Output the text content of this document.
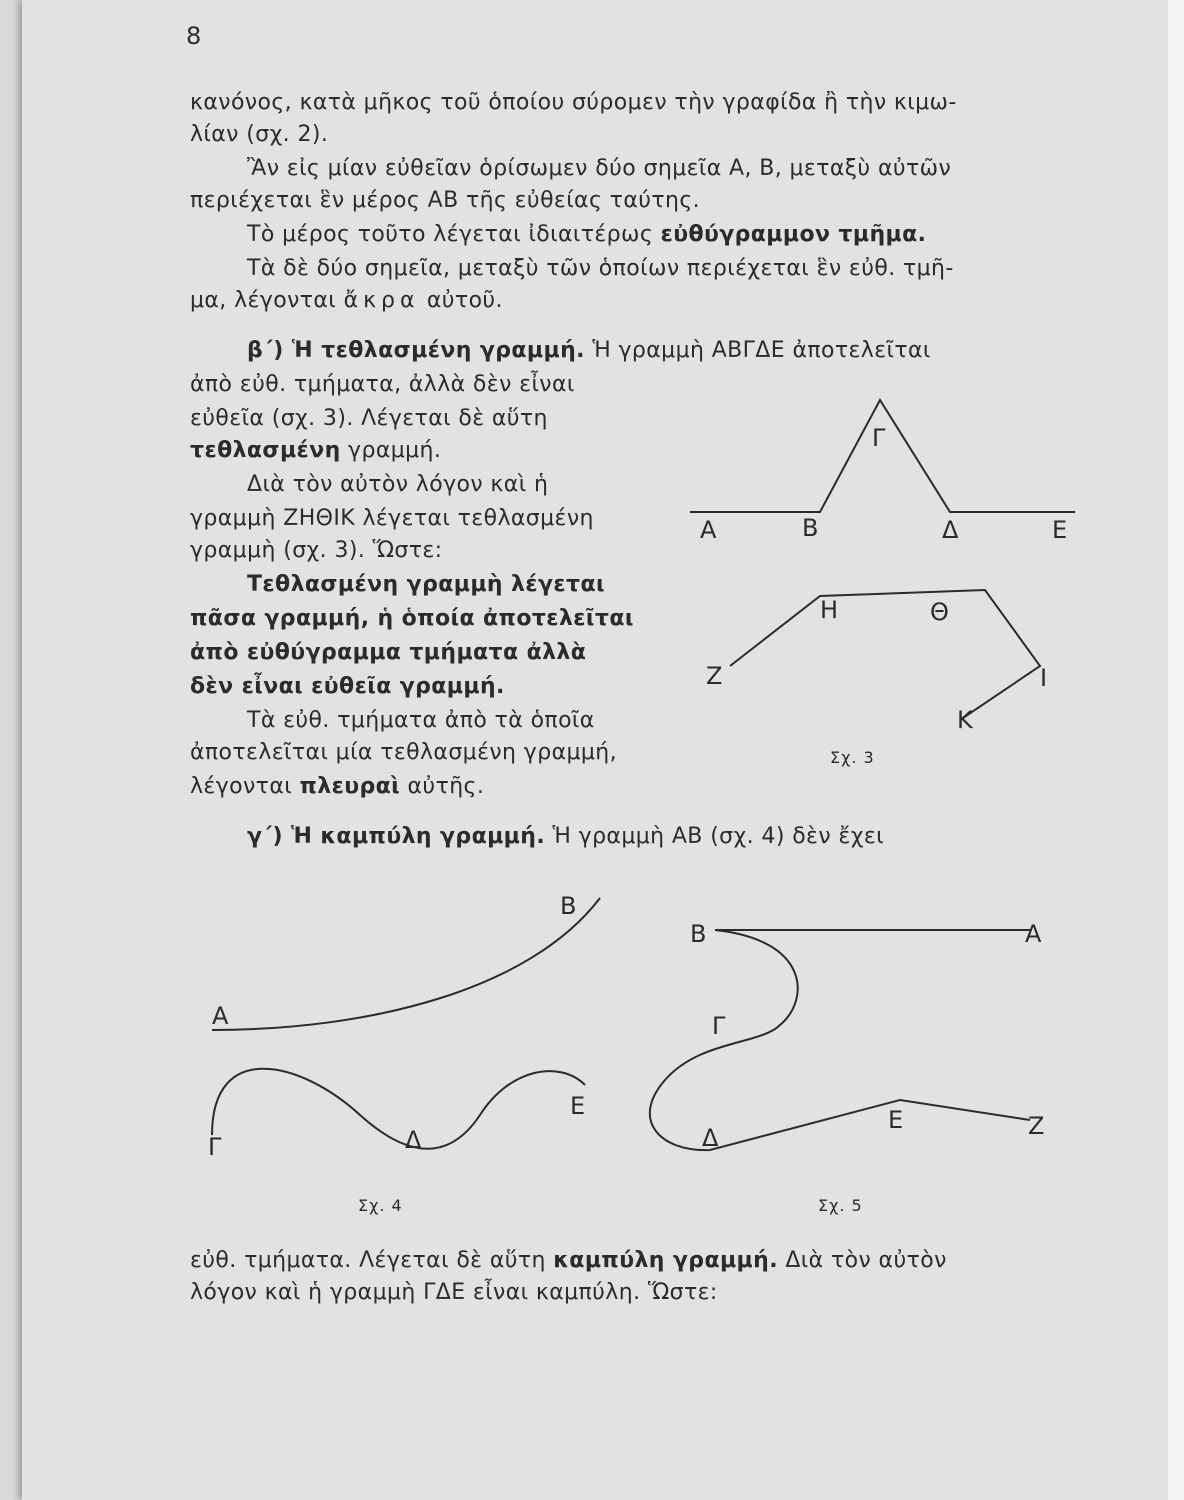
8
κανόνος, κατὰ μῆκος τοῦ ὁποίου σύρομεν τὴν γραφίδα ἢ τὴν κιμω-
λίαν (σχ. 2).
Ἂν εἰς μίαν εὐθεῖαν ὁρίσωμεν δύο σημεῖα Α, Β, μεταξὺ αὐτῶν
περιέχεται ἓν μέρος ΑΒ τῆς εὐθείας ταύτης.
Τὸ μέρος τοῦτο λέγεται ἰδιαιτέρως εὐθύγραμμον τμῆμα.
Τὰ δὲ δύο σημεῖα, μεταξὺ τῶν ὁποίων περιέχεται ἓν εὐθ. τμῆ-
μα, λέγονται ἄκρα αὐτοῦ.
β΄) Ἡ τεθλασμένη γραμμή. Ἡ γραμμὴ ΑΒΓΔΕ ἀποτελεῖται
ἀπὸ εὐθ. τμήματα, ἀλλὰ δὲν εἶναι
εὐθεῖα (σχ. 3). Λέγεται δὲ αὕτη
τεθλασμένη γραμμή.
Διὰ τὸν αὐτὸν λόγον καὶ ἡ
γραμμὴ ΖΗΘΙΚ λέγεται τεθλασμένη
γραμμὴ (σχ. 3). Ὥστε:
Τεθλασμένη γραμμὴ λέγεται
πᾶσα γραμμή, ἡ ὁποία ἀποτελεῖται
ἀπὸ εὐθύγραμμα τμήματα ἀλλὰ
δὲν εἶναι εὐθεῖα γραμμή.
Τὰ εὐθ. τμήματα ἀπὸ τὰ ὁποῖα
ἀποτελεῖται μία τεθλασμένη γραμμή,
λέγονται πλευραὶ αὐτῆς.
γ΄) Ἡ καμπύλη γραμμή. Ἡ γραμμὴ ΑΒ (σχ. 4) δὲν ἔχει
εὐθ. τμήματα. Λέγεται δὲ αὕτη καμπύλη γραμμή. Διὰ τὸν αὐτὸν
λόγον καὶ ἡ γραμμὴ ΓΔΕ εἶναι καμπύλη. Ὥστε:
Α	Β
Γ
Δ	Ε
Ζ
Η	Θ
Ι
Κ
Α
Β
Γ	Δ
Ε
Β	Α
Γ
Δ
Ε	Ζ
Σχ. 3
Σχ. 4	Σχ. 5
